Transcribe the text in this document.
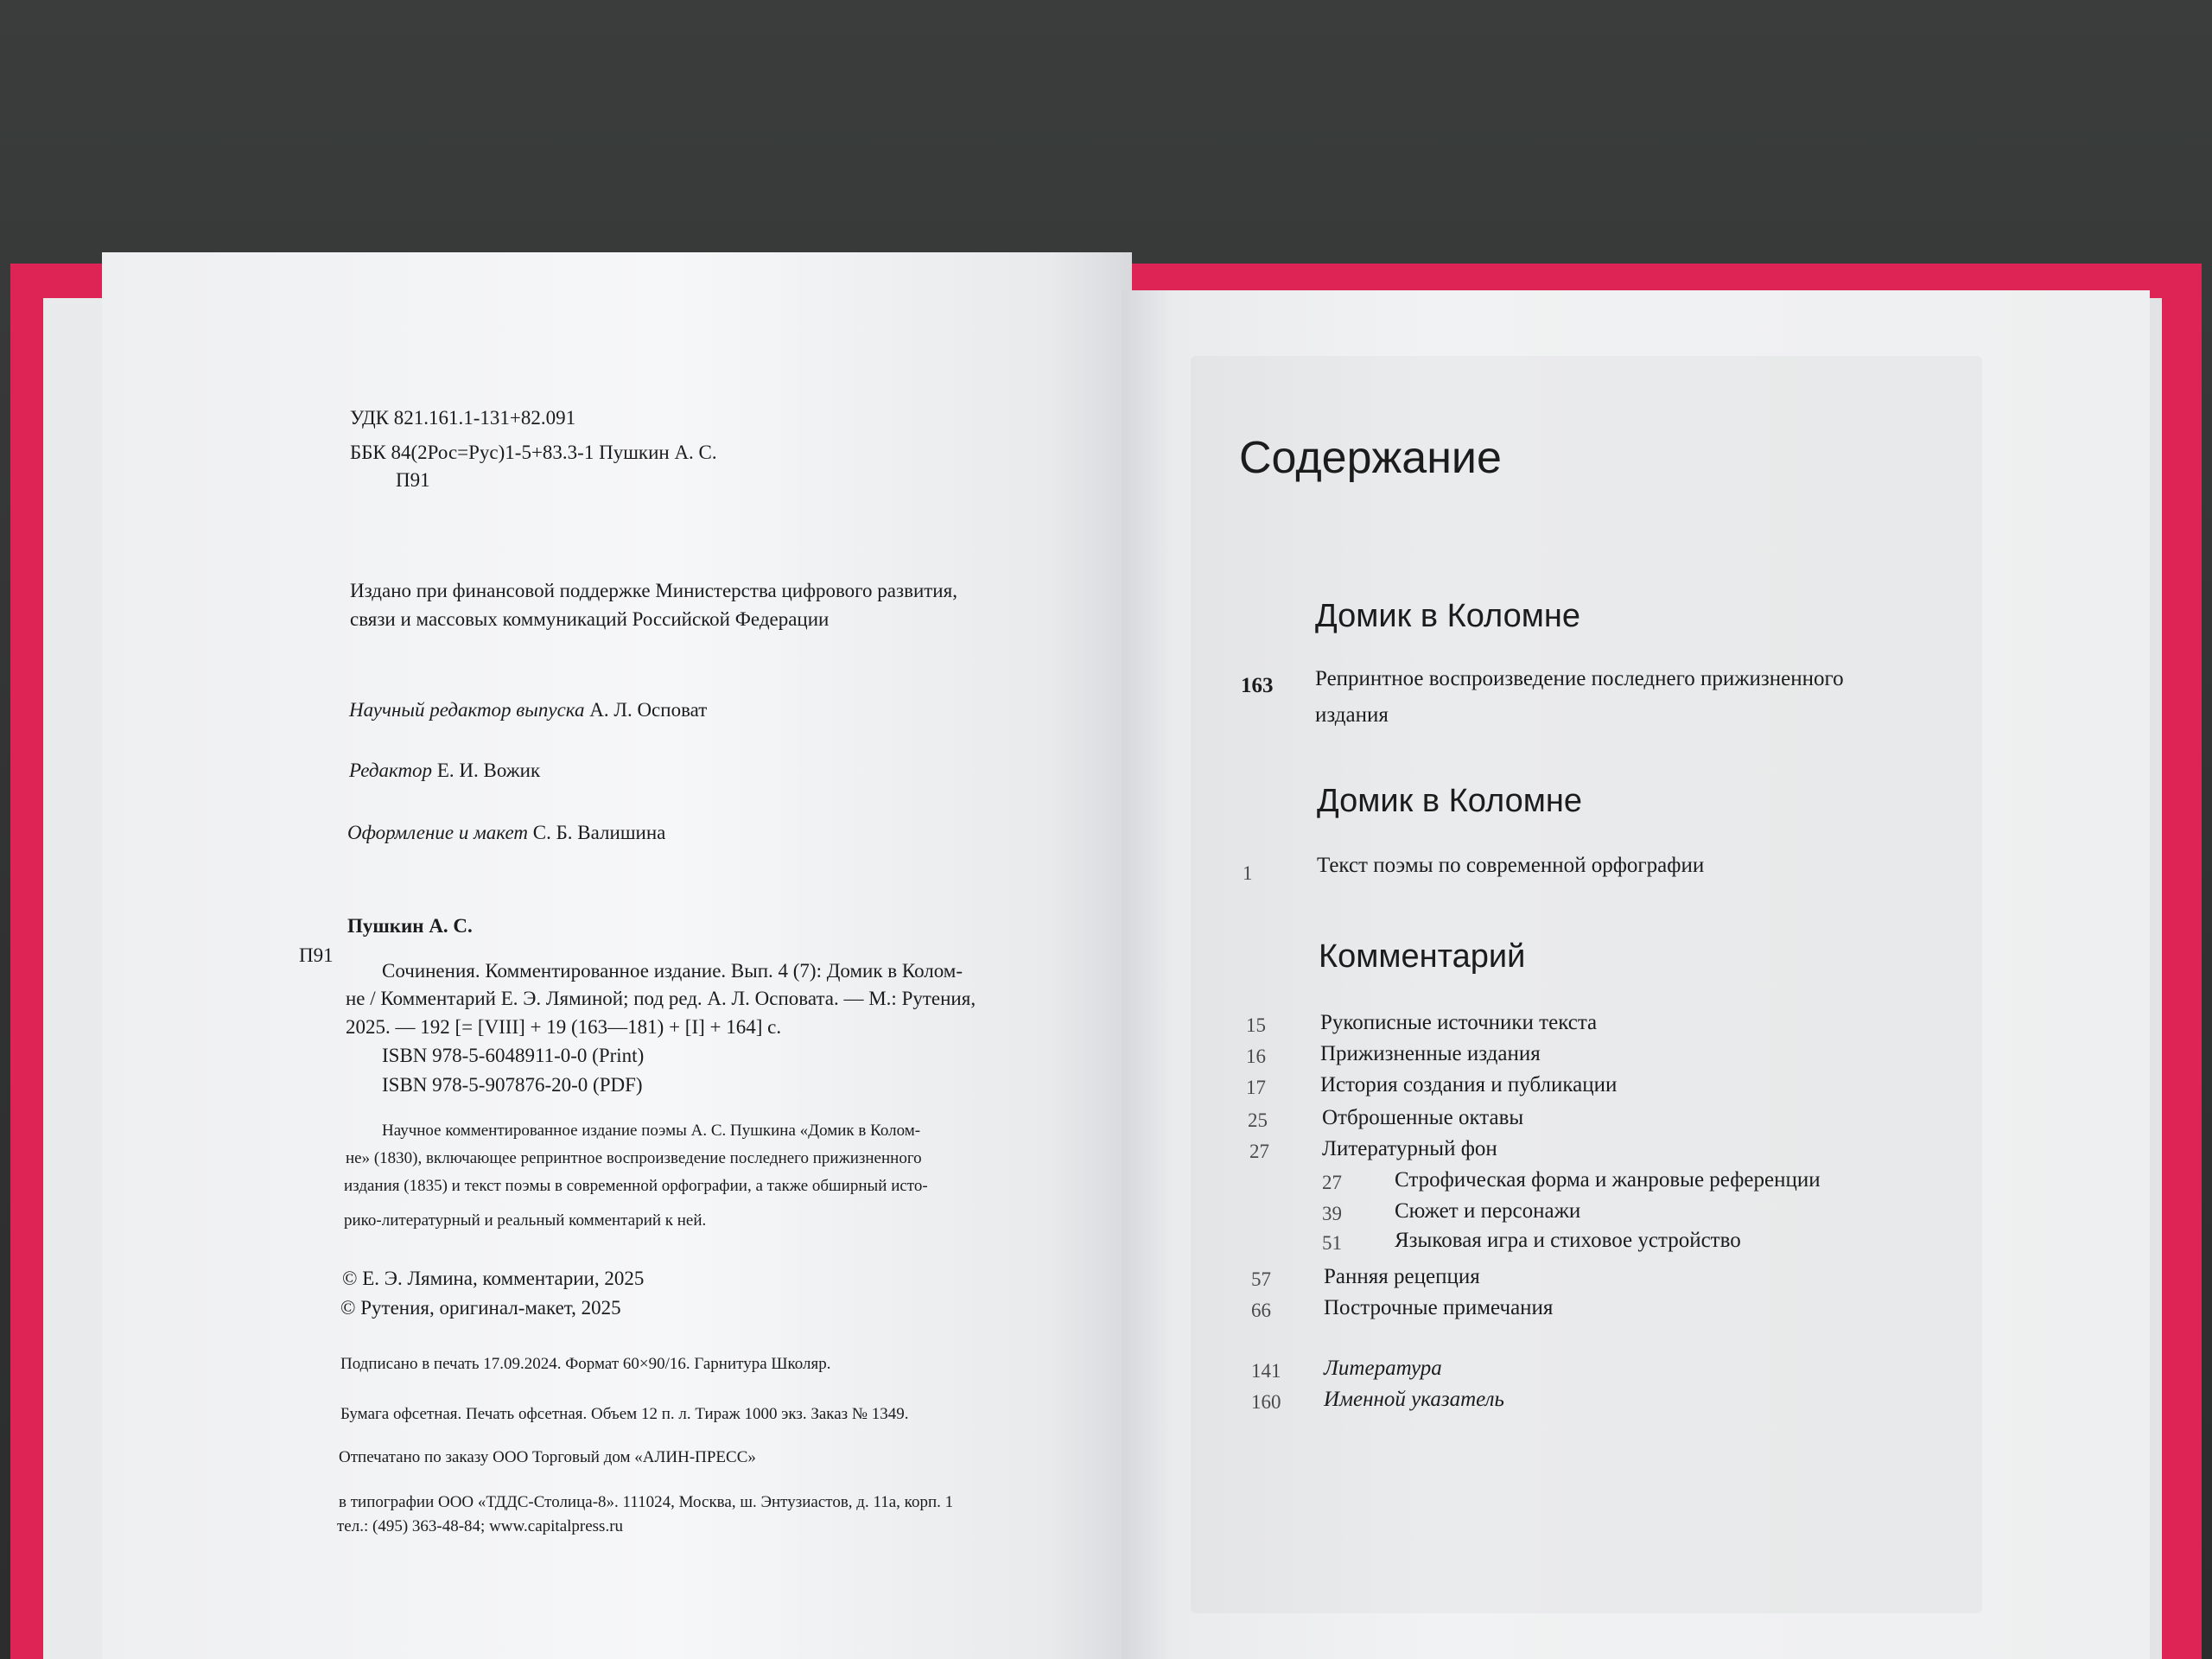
УДК 821.161.1-131+82.091
ББК 84(2Рос=Рус)1-5+83.3-1 Пушкин А. С.
П91
Издано при финансовой поддержке Министерства цифрового развития,
связи и массовых коммуникаций Российской Федерации
Научный редактор выпуска А. Л. Осповат
Редактор Е. И. Вожик
Оформление и макет С. Б. Валишина
Пушкин А. С.
П91
Сочинения. Комментированное издание. Вып. 4 (7): Домик в Колом-
не / Комментарий Е. Э. Ляминой; под ред. А. Л. Осповата. — М.: Рутения,
2025. — 192 [= [VIII] + 19 (163—181) + [I] + 164] с.
ISBN 978-5-6048911-0-0 (Print)
ISBN 978-5-907876-20-0 (PDF)
Научное комментированное издание поэмы А. С. Пушкина «Домик в Колом-
не» (1830), включающее репринтное воспроизведение последнего прижизненного
издания (1835) и текст поэмы в современной орфографии, а также обширный исто-
рико-литературный и реальный комментарий к ней.
© Е. Э. Лямина, комментарии, 2025
© Рутения, оригинал-макет, 2025
Подписано в печать 17.09.2024. Формат 60×90/16. Гарнитура Школяр.
Бумага офсетная. Печать офсетная. Объем 12 п. л. Тираж 1000 экз. Заказ № 1349.
Отпечатано по заказу ООО Торговый дом «АЛИН-ПРЕСС»
в типографии ООО «ТДДС-Столица-8». 111024, Москва, ш. Энтузиастов, д. 11а, корп. 1
тел.: (495) 363-48-84; www.capitalpress.ru
Содержание
Домик в Коломне
163 Репринтное воспроизведение последнего прижизненного
издания
Домик в Коломне
1	Текст поэмы по современной орфографии
Комментарий
15	Рукописные источники текста
16	Прижизненные издания
17	История создания и публикации
25	Отброшенные октавы
27 Литературный фон
27 Строфическая форма и жанровые референции
39 Сюжет и персонажи
51 Языковая игра и стиховое устройство
57 Ранняя рецепция
66 Построчные примечания
141 Литература
160 Именной указатель
